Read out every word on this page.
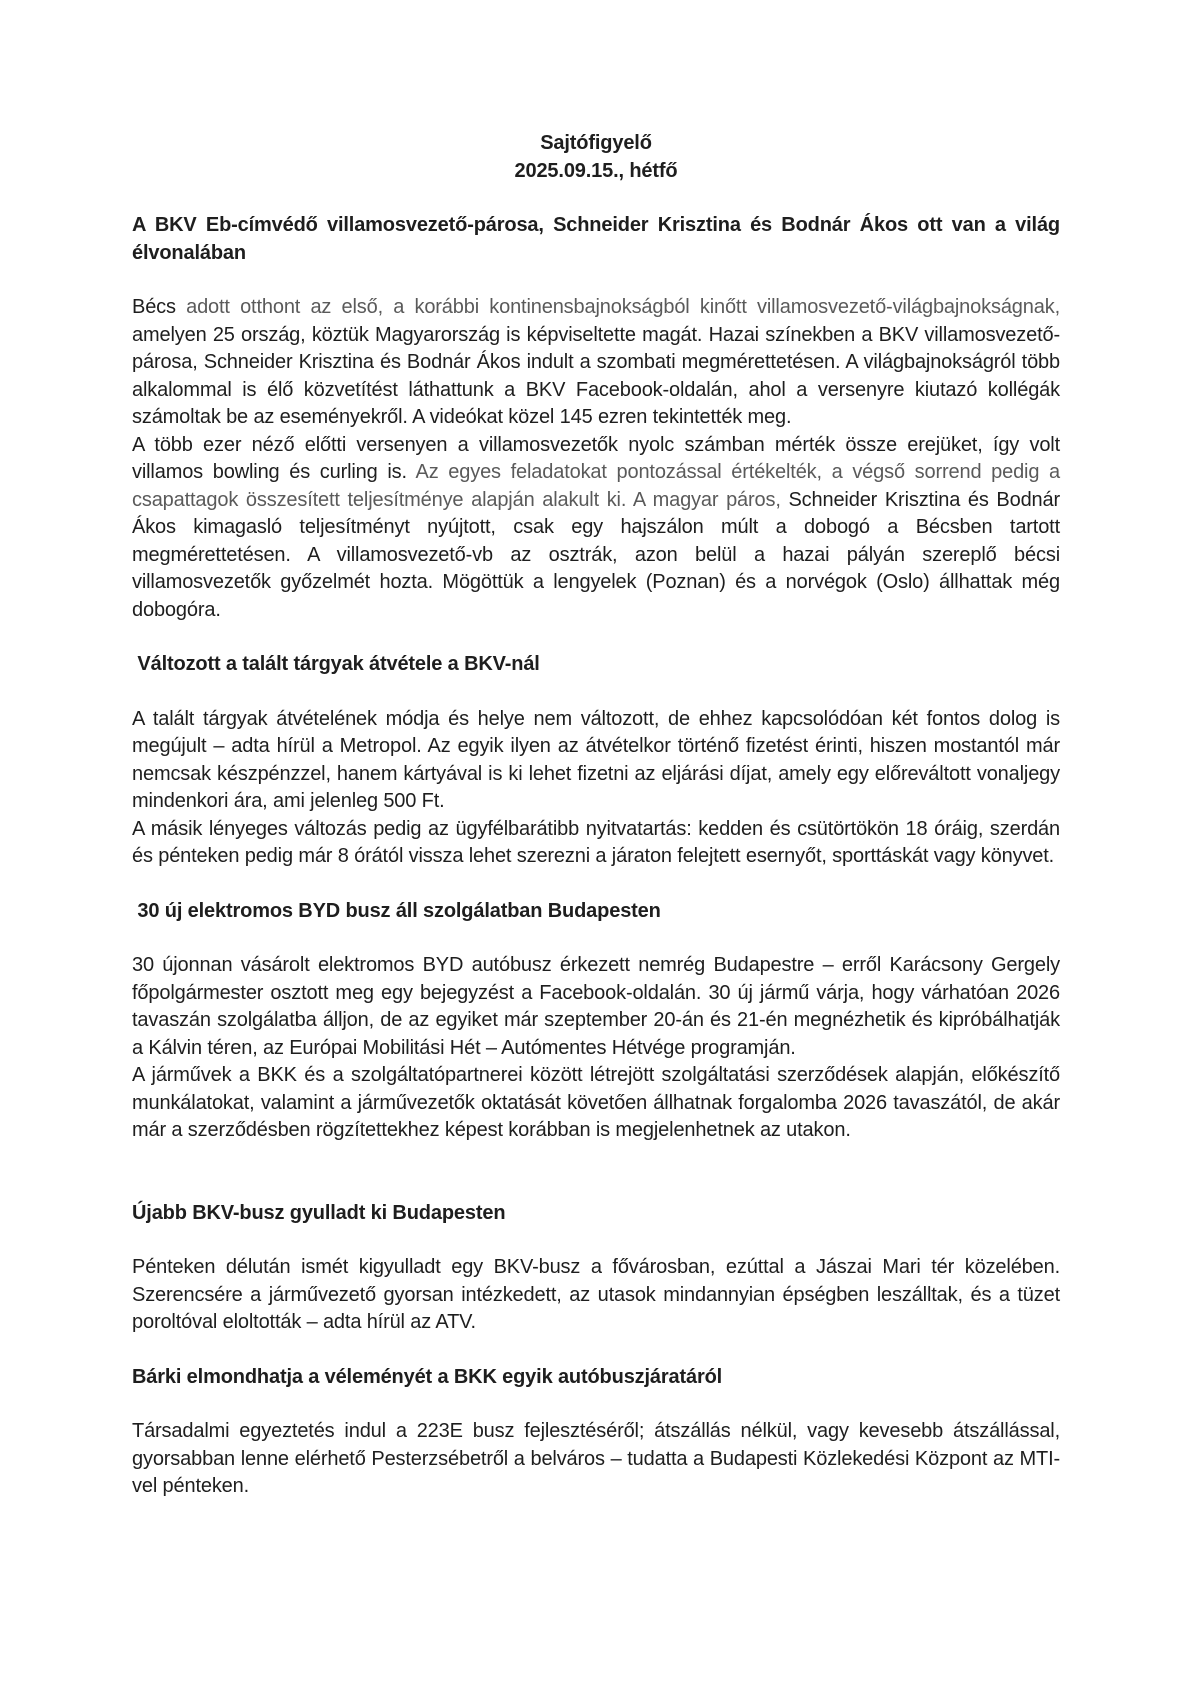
Sajtófigyelő
2025.09.15., hétfő
A BKV Eb-címvédő villamosvezető-párosa, Schneider Krisztina és Bodnár Ákos ott van a világ élvonalában

Bécs adott otthont az első, a korábbi kontinensbajnokságból kinőtt villamosvezető-világbajnokságnak, amelyen 25 ország, köztük Magyarország is képviseltette magát. Hazai színekben a BKV villamosvezető-párosa, Schneider Krisztina és Bodnár Ákos indult a szombati megmérettetésen. A világbajnokságról több alkalommal is élő közvetítést láthattunk a BKV Facebook-oldalán, ahol a versenyre kiutazó kollégák számoltak be az eseményekről. A videókat közel 145 ezren tekintették meg.

A több ezer néző előtti versenyen a villamosvezetők nyolc számban mérték össze erejüket, így volt villamos bowling és curling is. Az egyes feladatokat pontozással értékelték, a végső sorrend pedig a csapattagok összesített teljesítménye alapján alakult ki. A magyar páros, Schneider Krisztina és Bodnár Ákos kimagasló teljesítményt nyújtott, csak egy hajszálon múlt a dobogó a Bécsben tartott megmérettetésen. A villamosvezető-vb az osztrák, azon belül a hazai pályán szereplő bécsi villamosvezetők győzelmét hozta. Mögöttük a lengyelek (Poznan) és a norvégok (Oslo) állhattak még dobogóra.

Változott a talált tárgyak átvétele a BKV-nál

A talált tárgyak átvételének módja és helye nem változott, de ehhez kapcsolódóan két fontos dolog is megújult – adta hírül a Metropol. Az egyik ilyen az átvételkor történő fizetést érinti, hiszen mostantól már nemcsak készpénzzel, hanem kártyával is ki lehet fizetni az eljárási díjat, amely egy előreváltott vonaljegy mindenkori ára, ami jelenleg 500 Ft.

A másik lényeges változás pedig az ügyfélbarátibb nyitvatartás: kedden és csütörtökön 18 óráig, szerdán és pénteken pedig már 8 órától vissza lehet szerezni a járaton felejtett esernyőt, sporttáskát vagy könyvet.

30 új elektromos BYD busz áll szolgálatban Budapesten

30 újonnan vásárolt elektromos BYD autóbusz érkezett nemrég Budapestre – erről Karácsony Gergely főpolgármester osztott meg egy bejegyzést a Facebook-oldalán. 30 új jármű várja, hogy várhatóan 2026 tavaszán szolgálatba álljon, de az egyiket már szeptember 20-án és 21-én megnézhetik és kipróbálhatják a Kálvin téren, az Európai Mobilitási Hét – Autómentes Hétvége programján.

A járművek a BKK és a szolgáltatópartnerei között létrejött szolgáltatási szerződések alapján, előkészítő munkálatokat, valamint a járművezetők oktatását követően állhatnak forgalomba 2026 tavaszától, de akár már a szerződésben rögzítettekhez képest korábban is megjelenhetnek az utakon.

Újabb BKV-busz gyulladt ki Budapesten

Pénteken délután ismét kigyulladt egy BKV-busz a fővárosban, ezúttal a Jászai Mari tér közelében. Szerencsére a járművezető gyorsan intézkedett, az utasok mindannyian épségben leszálltak, és a tüzet poroltóval eloltották – adta hírül az ATV.

Bárki elmondhatja a véleményét a BKK egyik autóbuszjáratáról

Társadalmi egyeztetés indul a 223E busz fejlesztéséről; átszállás nélkül, vagy kevesebb átszállással, gyorsabban lenne elérhető Pesterzsébetről a belváros – tudatta a Budapesti Közlekedési Központ az MTI-vel pénteken.
